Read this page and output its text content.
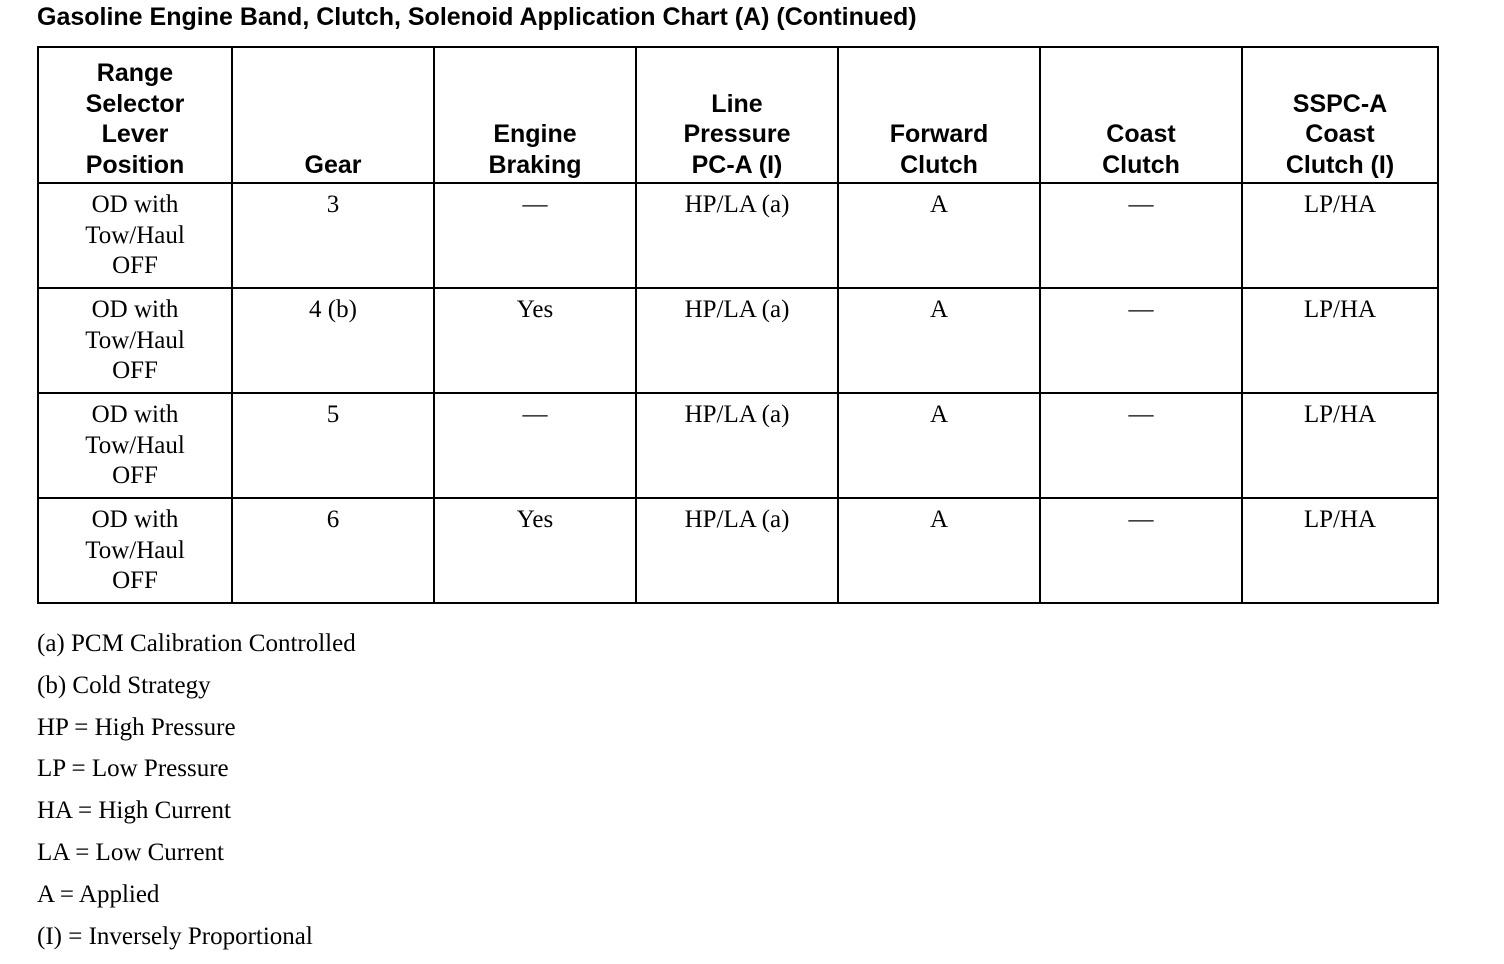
Gasoline Engine Band, Clutch, Solenoid Application Chart (A) (Continued)
Range
Selector
Lever
Position	Gear	Engine
Braking	Line
Pressure
PC-A (I)	Forward
Clutch	Coast
Clutch	SSPC-A
Coast
Clutch (I)

OD with
Tow/Haul
OFF	3	—	HP/LA (a)	A	—	LP/HA

OD with
Tow/Haul
OFF	4 (b)	Yes	HP/LA (a)	A	—	LP/HA

OD with
Tow/Haul
OFF	5	—	HP/LA (a)	A	—	LP/HA

OD with
Tow/Haul
OFF	6	Yes	HP/LA (a)	A	—	LP/HA
(a) PCM Calibration Controlled
(b) Cold Strategy
HP = High Pressure
LP = Low Pressure
HA = High Current
LA = Low Current
A = Applied
(I) = Inversely Proportional
